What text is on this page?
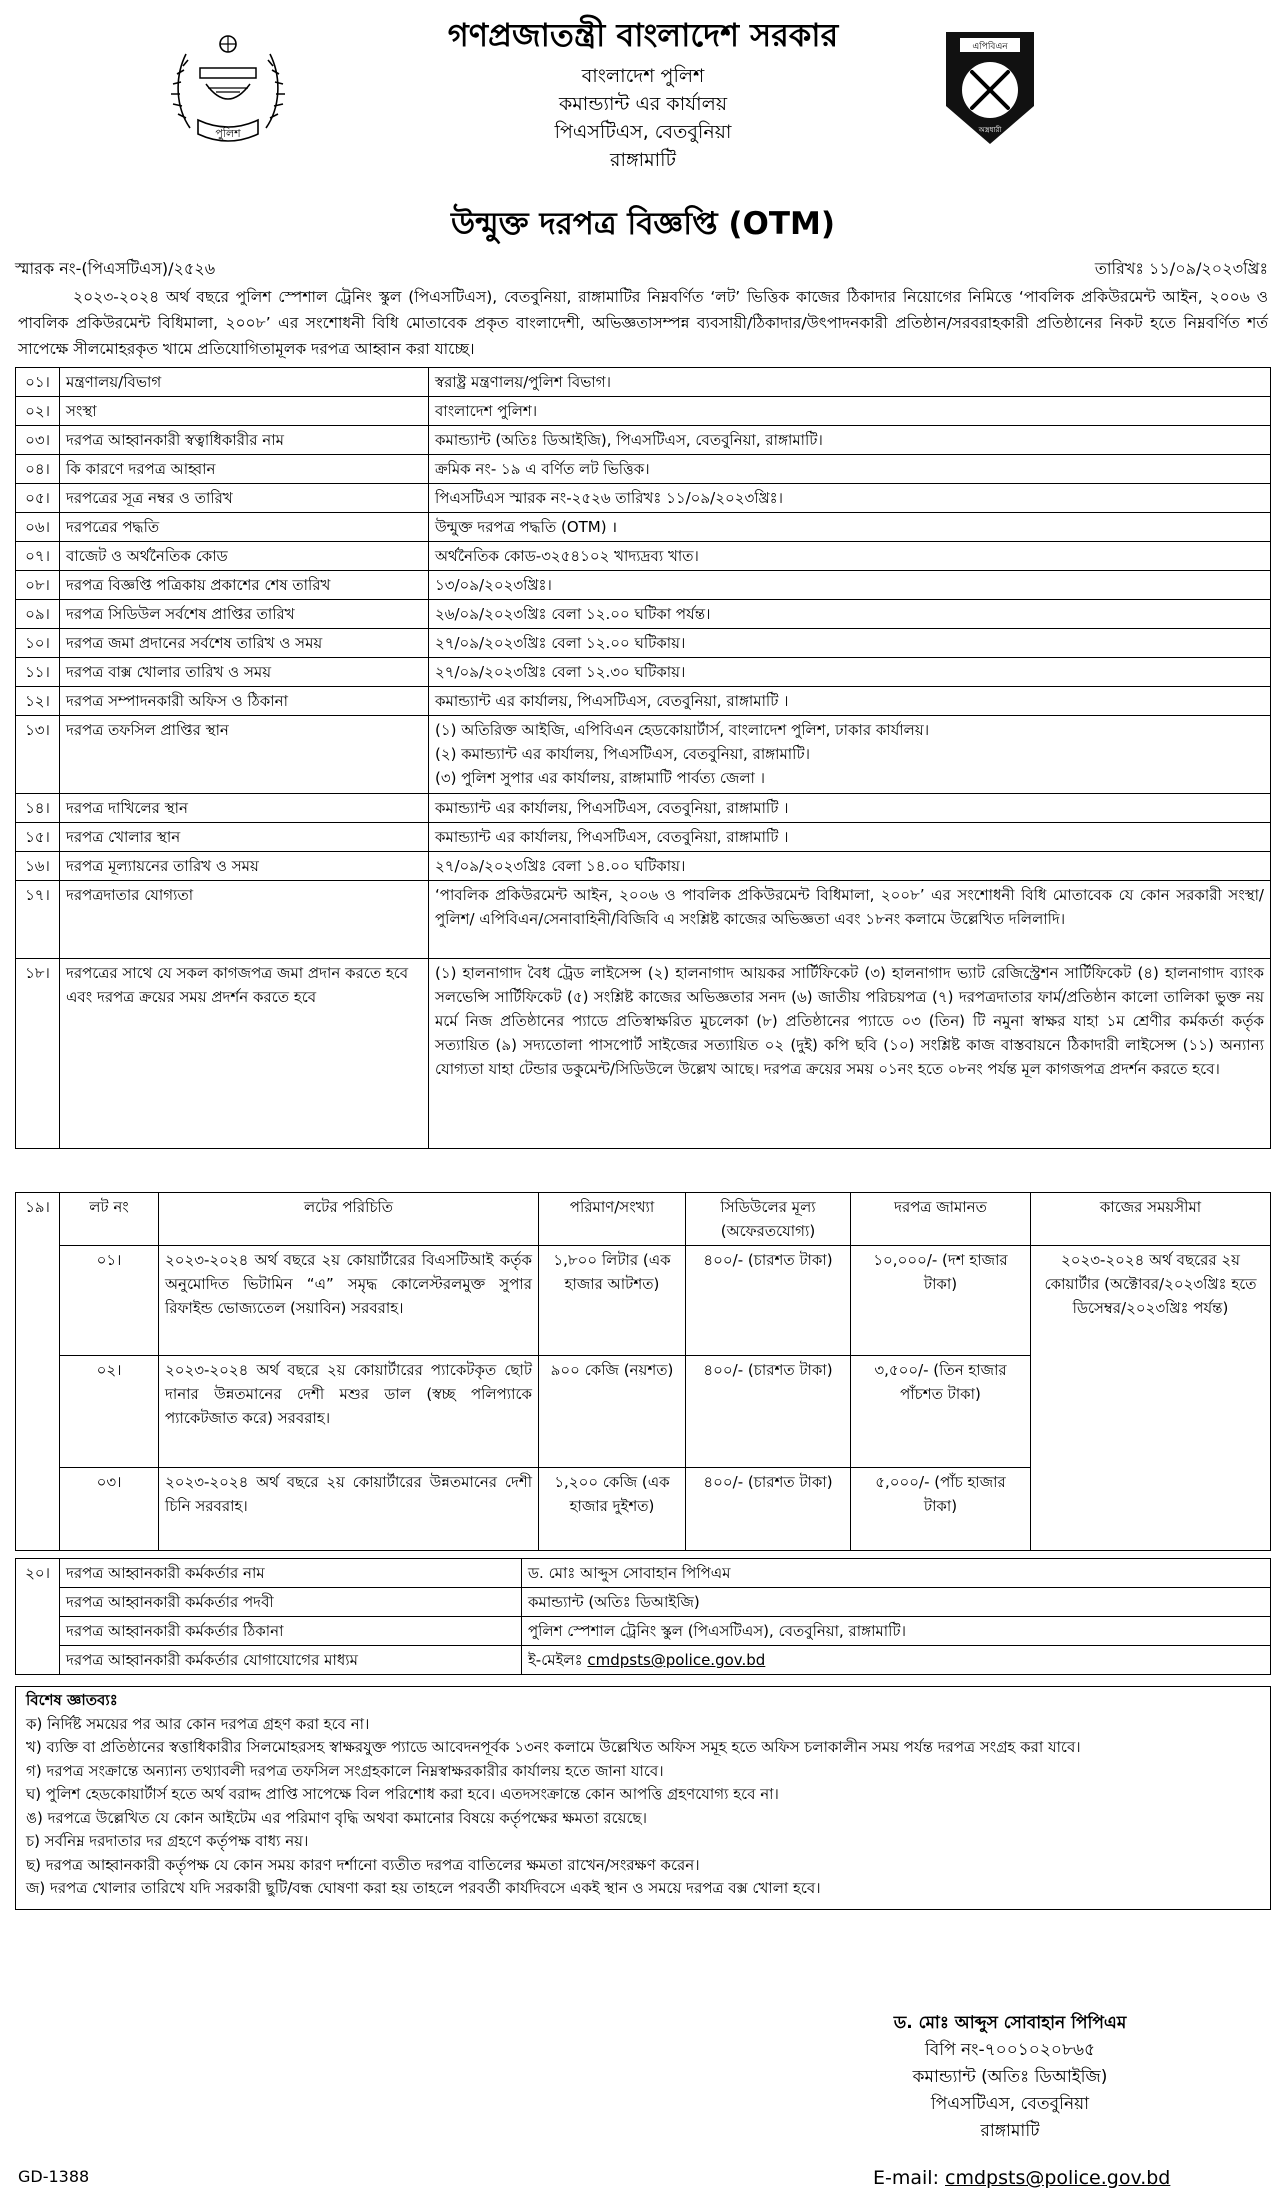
পুলিশ
এপিবিএন
অস্ত্রধারী
গণপ্রজাতন্ত্রী বাংলাদেশ সরকার
বাংলাদেশ পুলিশ
কমান্ড্যান্ট এর কার্যালয়
পিএসটিএস, বেতবুনিয়া
রাঙ্গামাটি
উন্মুক্ত দরপত্র বিজ্ঞপ্তি (OTM)
স্মারক নং-(পিএসটিএস)/২৫২৬	তারিখঃ ১১/০৯/২০২৩খ্রিঃ
২০২৩-২০২৪ অর্থ বছরে পুলিশ স্পেশাল ট্রেনিং স্কুল (পিএসটিএস), বেতবুনিয়া, রাঙ্গামাটির নিম্নবর্ণিত ‘লট’ ভিত্তিক কাজের ঠিকাদার নিয়োগের নিমিত্তে ‘পাবলিক প্রকিউরমেন্ট আইন, ২০০৬ ও পাবলিক প্রকিউরমেন্ট বিধিমালা, ২০০৮’ এর সংশোধনী বিধি মোতাবেক প্রকৃত বাংলাদেশী, অভিজ্ঞতাসম্পন্ন ব্যবসায়ী/ঠিকাদার/উৎপাদনকারী প্রতিষ্ঠান/সরবরাহকারী প্রতিষ্ঠানের নিকট হতে নিম্নবর্ণিত শর্ত সাপেক্ষে সীলমোহরকৃত খামে প্রতিযোগিতামূলক দরপত্র আহ্বান করা যাচ্ছে।
০১।	মন্ত্রণালয়/বিভাগ	স্বরাষ্ট্র মন্ত্রণালয়/পুলিশ বিভাগ।
০২।	সংস্থা	বাংলাদেশ পুলিশ।
০৩।	দরপত্র আহ্বানকারী স্বত্বাধিকারীর নাম	কমান্ড্যান্ট (অতিঃ ডিআইজি), পিএসটিএস, বেতবুনিয়া, রাঙ্গামাটি।
০৪।	কি কারণে দরপত্র আহ্বান	ক্রমিক নং- ১৯ এ বর্ণিত লট ভিত্তিক।
০৫।	দরপত্রের সূত্র নম্বর ও তারিখ	পিএসটিএস স্মারক নং-২৫২৬ তারিখঃ ১১/০৯/২০২৩খ্রিঃ।
০৬।	দরপত্রের পদ্ধতি	উন্মুক্ত দরপত্র পদ্ধতি (OTM) ।
০৭।	বাজেট ও অর্থনৈতিক কোড	অর্থনৈতিক কোড-৩২৫৪১০২ খাদ্যদ্রব্য খাত।
০৮।	দরপত্র বিজ্ঞপ্তি পত্রিকায় প্রকাশের শেষ তারিখ	১৩/০৯/২০২৩খ্রিঃ।
০৯।	দরপত্র সিডিউল সর্বশেষ প্রাপ্তির তারিখ	২৬/০৯/২০২৩খ্রিঃ বেলা ১২.০০ ঘটিকা পর্যন্ত।
১০।	দরপত্র জমা প্রদানের সর্বশেষ তারিখ ও সময়	২৭/০৯/২০২৩খ্রিঃ বেলা ১২.০০ ঘটিকায়।
১১।	দরপত্র বাক্স খোলার তারিখ ও সময়	২৭/০৯/২০২৩খ্রিঃ বেলা ১২.৩০ ঘটিকায়।
১২।	দরপত্র সম্পাদনকারী অফিস ও ঠিকানা	কমান্ড্যান্ট এর কার্যালয়, পিএসটিএস, বেতবুনিয়া, রাঙ্গামাটি ।
১৩।	দরপত্র তফসিল প্রাপ্তির স্থান	(১) অতিরিক্ত আইজি, এপিবিএন হেডকোয়ার্টার্স, বাংলাদেশ পুলিশ, ঢাকার কার্যালয়।
(২) কমান্ড্যান্ট এর কার্যালয়, পিএসটিএস, বেতবুনিয়া, রাঙ্গামাটি।
(৩) পুলিশ সুপার এর কার্যালয়, রাঙ্গামাটি পার্বত্য জেলা ।

১৪।	দরপত্র দাখিলের স্থান	কমান্ড্যান্ট এর কার্যালয়, পিএসটিএস, বেতবুনিয়া, রাঙ্গামাটি ।
১৫।	দরপত্র খোলার স্থান	কমান্ড্যান্ট এর কার্যালয়, পিএসটিএস, বেতবুনিয়া, রাঙ্গামাটি ।
১৬।	দরপত্র মূল্যায়নের তারিখ ও সময়	২৭/০৯/২০২৩খ্রিঃ বেলা ১৪.০০ ঘটিকায়।
১৭।	দরপত্রদাতার যোগ্যতা	‘পাবলিক প্রকিউরমেন্ট আইন, ২০০৬ ও পাবলিক প্রকিউরমেন্ট বিধিমালা, ২০০৮’ এর সংশোধনী বিধি মোতাবেক যে কোন সরকারী সংস্থা/পুলিশ/ এপিবিএন/সেনাবাহিনী/বিজিবি এ সংশ্লিষ্ট কাজের অভিজ্ঞতা এবং ১৮নং কলামে উল্লেখিত দলিলাদি।
১৮।	দরপত্রের সাথে যে সকল কাগজপত্র জমা প্রদান করতে হবে এবং দরপত্র ক্রয়ের সময় প্রদর্শন করতে হবে	(১) হালনাগাদ বৈধ ট্রেড লাইসেন্স (২) হালনাগাদ আয়কর সার্টিফিকেট (৩) হালনাগাদ ভ্যাট রেজিস্ট্রেশন সার্টিফিকেট (৪) হালনাগাদ ব্যাংক সলভেন্সি সার্টিফিকেট (৫) সংশ্লিষ্ট কাজের অভিজ্ঞতার সনদ (৬) জাতীয় পরিচয়পত্র (৭) দরপত্রদাতার ফার্ম/প্রতিষ্ঠান কালো তালিকা ভুক্ত নয় মর্মে নিজ প্রতিষ্ঠানের প্যাডে প্রতিস্বাক্ষরিত মুচলেকা (৮) প্রতিষ্ঠানের প্যাডে ০৩ (তিন) টি নমুনা স্বাক্ষর যাহা ১ম শ্রেণীর কর্মকর্তা কর্তৃক সত্যায়িত (৯) সদ্যতোলা পাসপোর্ট সাইজের সত্যায়িত ০২ (দুই) কপি ছবি (১০) সংশ্লিষ্ট কাজ বাস্তবায়নে ঠিকাদারী লাইসেন্স (১১) অন্যান্য যোগ্যতা যাহা টেন্ডার ডকুমেন্ট/সিডিউলে উল্লেখ আছে। দরপত্র ক্রয়ের সময় ০১নং হতে ০৮নং পর্যন্ত মূল কাগজপত্র প্রদর্শন করতে হবে।
১৯।	লট নং	লটের পরিচিতি	পরিমাণ/সংখ্যা	সিডিউলের মূল্য (অফেরতযোগ্য)	দরপত্র জামানত	কাজের সময়সীমা
	০১।	২০২৩-২০২৪ অর্থ বছরে ২য় কোয়ার্টারের বিএসটিআই কর্তৃক অনুমোদিত ভিটামিন “এ” সমৃদ্ধ কোলেস্টরলমুক্ত সুপার রিফাইন্ড ভোজ্যতেল (সয়াবিন) সরবরাহ।	১,৮০০ লিটার (এক হাজার আটশত)	৪০০/- (চারশত টাকা)	১০,০০০/- (দশ হাজার টাকা)	২০২৩-২০২৪ অর্থ বছরের ২য় কোয়ার্টার (অক্টোবর/২০২৩খ্রিঃ হতে ডিসেম্বর/২০২৩খ্রিঃ পর্যন্ত)
	০২।	২০২৩-২০২৪ অর্থ বছরে ২য় কোয়ার্টারের প্যাকেটকৃত ছোট দানার উন্নতমানের দেশী মশুর ডাল (স্বচ্ছ পলিপ্যাকে প্যাকেটজাত করে) সরবরাহ।	৯০০ কেজি (নয়শত)	৪০০/- (চারশত টাকা)	৩,৫০০/- (তিন হাজার পাঁচশত টাকা)	
	০৩।	২০২৩-২০২৪ অর্থ বছরে ২য় কোয়ার্টারের উন্নতমানের দেশী চিনি সরবরাহ।	১,২০০ কেজি (এক হাজার দুইশত)	৪০০/- (চারশত টাকা)	৫,০০০/- (পাঁচ হাজার টাকা)	
২০।	দরপত্র আহ্বানকারী কর্মকর্তার নাম	ড. মোঃ আব্দুস সোবাহান পিপিএম
	দরপত্র আহ্বানকারী কর্মকর্তার পদবী	কমান্ড্যান্ট (অতিঃ ডিআইজি)
	দরপত্র আহ্বানকারী কর্মকর্তার ঠিকানা	পুলিশ স্পেশাল ট্রেনিং স্কুল (পিএসটিএস), বেতবুনিয়া, রাঙ্গামাটি।
	দরপত্র আহ্বানকারী কর্মকর্তার যোগাযোগের মাধ্যম	ই-মেইলঃ cmdpsts@police.gov.bd
বিশেষ জ্ঞাতব্যঃ
ক) নির্দিষ্ট সময়ের পর আর কোন দরপত্র গ্রহণ করা হবে না।
খ) ব্যক্তি বা প্রতিষ্ঠানের স্বত্তাধিকারীর সিলমোহরসহ স্বাক্ষরযুক্ত প্যাডে আবেদনপূর্বক ১৩নং কলামে উল্লেখিত অফিস সমূহ হতে অফিস চলাকালীন সময় পর্যন্ত দরপত্র সংগ্রহ করা যাবে।
গ) দরপত্র সংক্রান্তে অন্যান্য তথ্যাবলী দরপত্র তফসিল সংগ্রহকালে নিম্নস্বাক্ষরকারীর কার্যালয় হতে জানা যাবে।
ঘ) পুলিশ হেডকোয়ার্টার্স হতে অর্থ বরাদ্দ প্রাপ্তি সাপেক্ষে বিল পরিশোধ করা হবে। এতদসংক্রান্তে কোন আপত্তি গ্রহণযোগ্য হবে না।
ঙ) দরপত্রে উল্লেখিত যে কোন আইটেম এর পরিমাণ বৃদ্ধি অথবা কমানোর বিষয়ে কর্তৃপক্ষের ক্ষমতা রয়েছে।
চ) সর্বনিম্ন দরদাতার দর গ্রহণে কর্তৃপক্ষ বাধ্য নয়।
ছ) দরপত্র আহ্বানকারী কর্তৃপক্ষ যে কোন সময় কারণ দর্শানো ব্যতীত দরপত্র বাতিলের ক্ষমতা রাখেন/সংরক্ষণ করেন।
জ) দরপত্র খোলার তারিখে যদি সরকারী ছুটি/বন্ধ ঘোষণা করা হয় তাহলে পরবর্তী কার্যদিবসে একই স্থান ও সময়ে দরপত্র বক্স খোলা হবে।
ড. মোঃ আব্দুস সোবাহান পিপিএম
বিপি নং-৭০০১০২০৮৬৫
কমান্ড্যান্ট (অতিঃ ডিআইজি)
পিএসটিএস, বেতবুনিয়া
রাঙ্গামাটি
GD-1388	E-mail: cmdpsts@police.gov.bd
